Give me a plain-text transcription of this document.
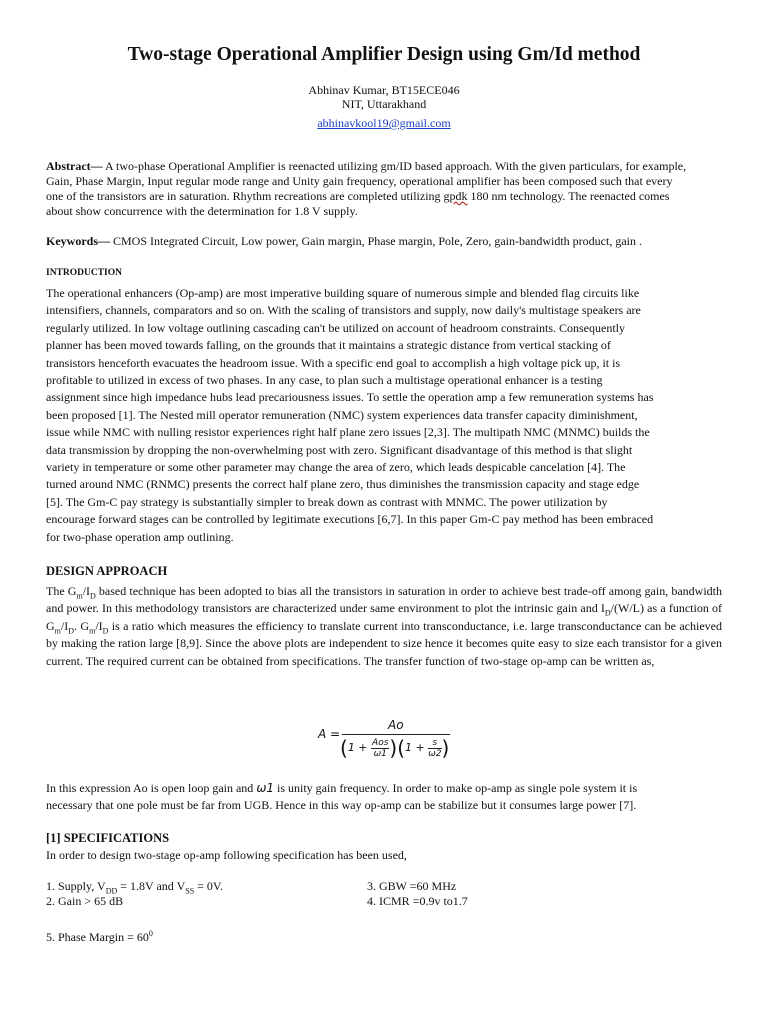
Two-stage Operational Amplifier Design using Gm/Id method
Abhinav Kumar, BT15ECE046
NIT, Uttarakhand
abhinavkool19@gmail.com
Abstract— A two-phase Operational Amplifier is reenacted utilizing gm/ID based approach. With the given particulars, for example,
Gain, Phase Margin, Input regular mode range and Unity gain frequency, operational amplifier has been composed such that every
one of the transistors are in saturation. Rhythm recreations are completed utilizing gpdk 180 nm technology. The reenacted comes
about show concurrence with the determination for 1.8 V supply.
Keywords— CMOS Integrated Circuit, Low power, Gain margin, Phase margin, Pole, Zero, gain-bandwidth product, gain .
INTRODUCTION
The operational enhancers (Op-amp) are most imperative building square of numerous simple and blended flag circuits like
intensifiers, channels, comparators and so on. With the scaling of transistors and supply, now daily's multistage speakers are
regularly utilized. In low voltage outlining cascading can't be utilized on account of headroom constraints. Consequently
planner has been moved towards falling, on the grounds that it maintains a strategic distance from vertical stacking of
transistors henceforth evacuates the headroom issue. With a specific end goal to accomplish a high voltage pick up, it is
profitable to utilized in excess of two phases. In any case, to plan such a multistage operational enhancer is a testing
assignment since high impedance hubs lead precariousness issues. To settle the operation amp a few remuneration systems has
been proposed [1]. The Nested mill operator remuneration (NMC) system experiences data transfer capacity diminishment,
issue while NMC with nulling resistor experiences right half plane zero issues [2,3]. The multipath NMC (MNMC) builds the
data transmission by dropping the non-overwhelming post with zero. Significant disadvantage of this method is that slight
variety in temperature or some other parameter may change the area of zero, which leads despicable cancelation [4]. The
turned around NMC (RNMC) presents the correct half plane zero, thus diminishes the transmission capacity and stage edge
[5]. The Gm-C pay strategy is substantially simpler to break down as contrast with MNMC. The power utilization by
encourage forward stages can be controlled by legitimate executions [6,7]. In this paper Gm-C pay method has been embraced
for two-phase operation amp outlining.
DESIGN APPROACH
The $G_m/I_D$ based technique has been adopted to bias all the transistors in saturation in order to achieve best trade-off among gain, bandwidth and power. In this methodology transistors are characterized under same environment to plot the intrinsic gain and $I_D/(W/L)$ as a function of $G_m/I_D$. $G_m/I_D$ is a ratio which measures the efficiency to translate current into transconductance, i.e. large transconductance can be achieved by making the ration large [8,9]. Since the above plots are independent to size hence it becomes quite easy to size each transistor for a given current. The required current can be obtained from specifications. The transfer function of two-stage op-amp can be written as,
A =
Ao
$(1 + \frac{\text{Aos}}{\omega 1})(1 + \frac{s}{\omega 2})$
In this expression Ao is open loop gain and ω1 is unity gain frequency. In order to make op-amp as single pole system it is
necessary that one pole must be far from UGB. Hence in this way op-amp can be stabilize but it consumes large power [7].
[1] SPECIFICATIONS
In order to design two-stage op-amp following specification has been used,
1. Supply, $V_{DD} = 1.8V$ and $V_{SS} = 0V$.
2. Gain > 65 dB
3. GBW =60 MHz
4. ICMR =0.9v to1.7
5. Phase Margin = $60^0$
